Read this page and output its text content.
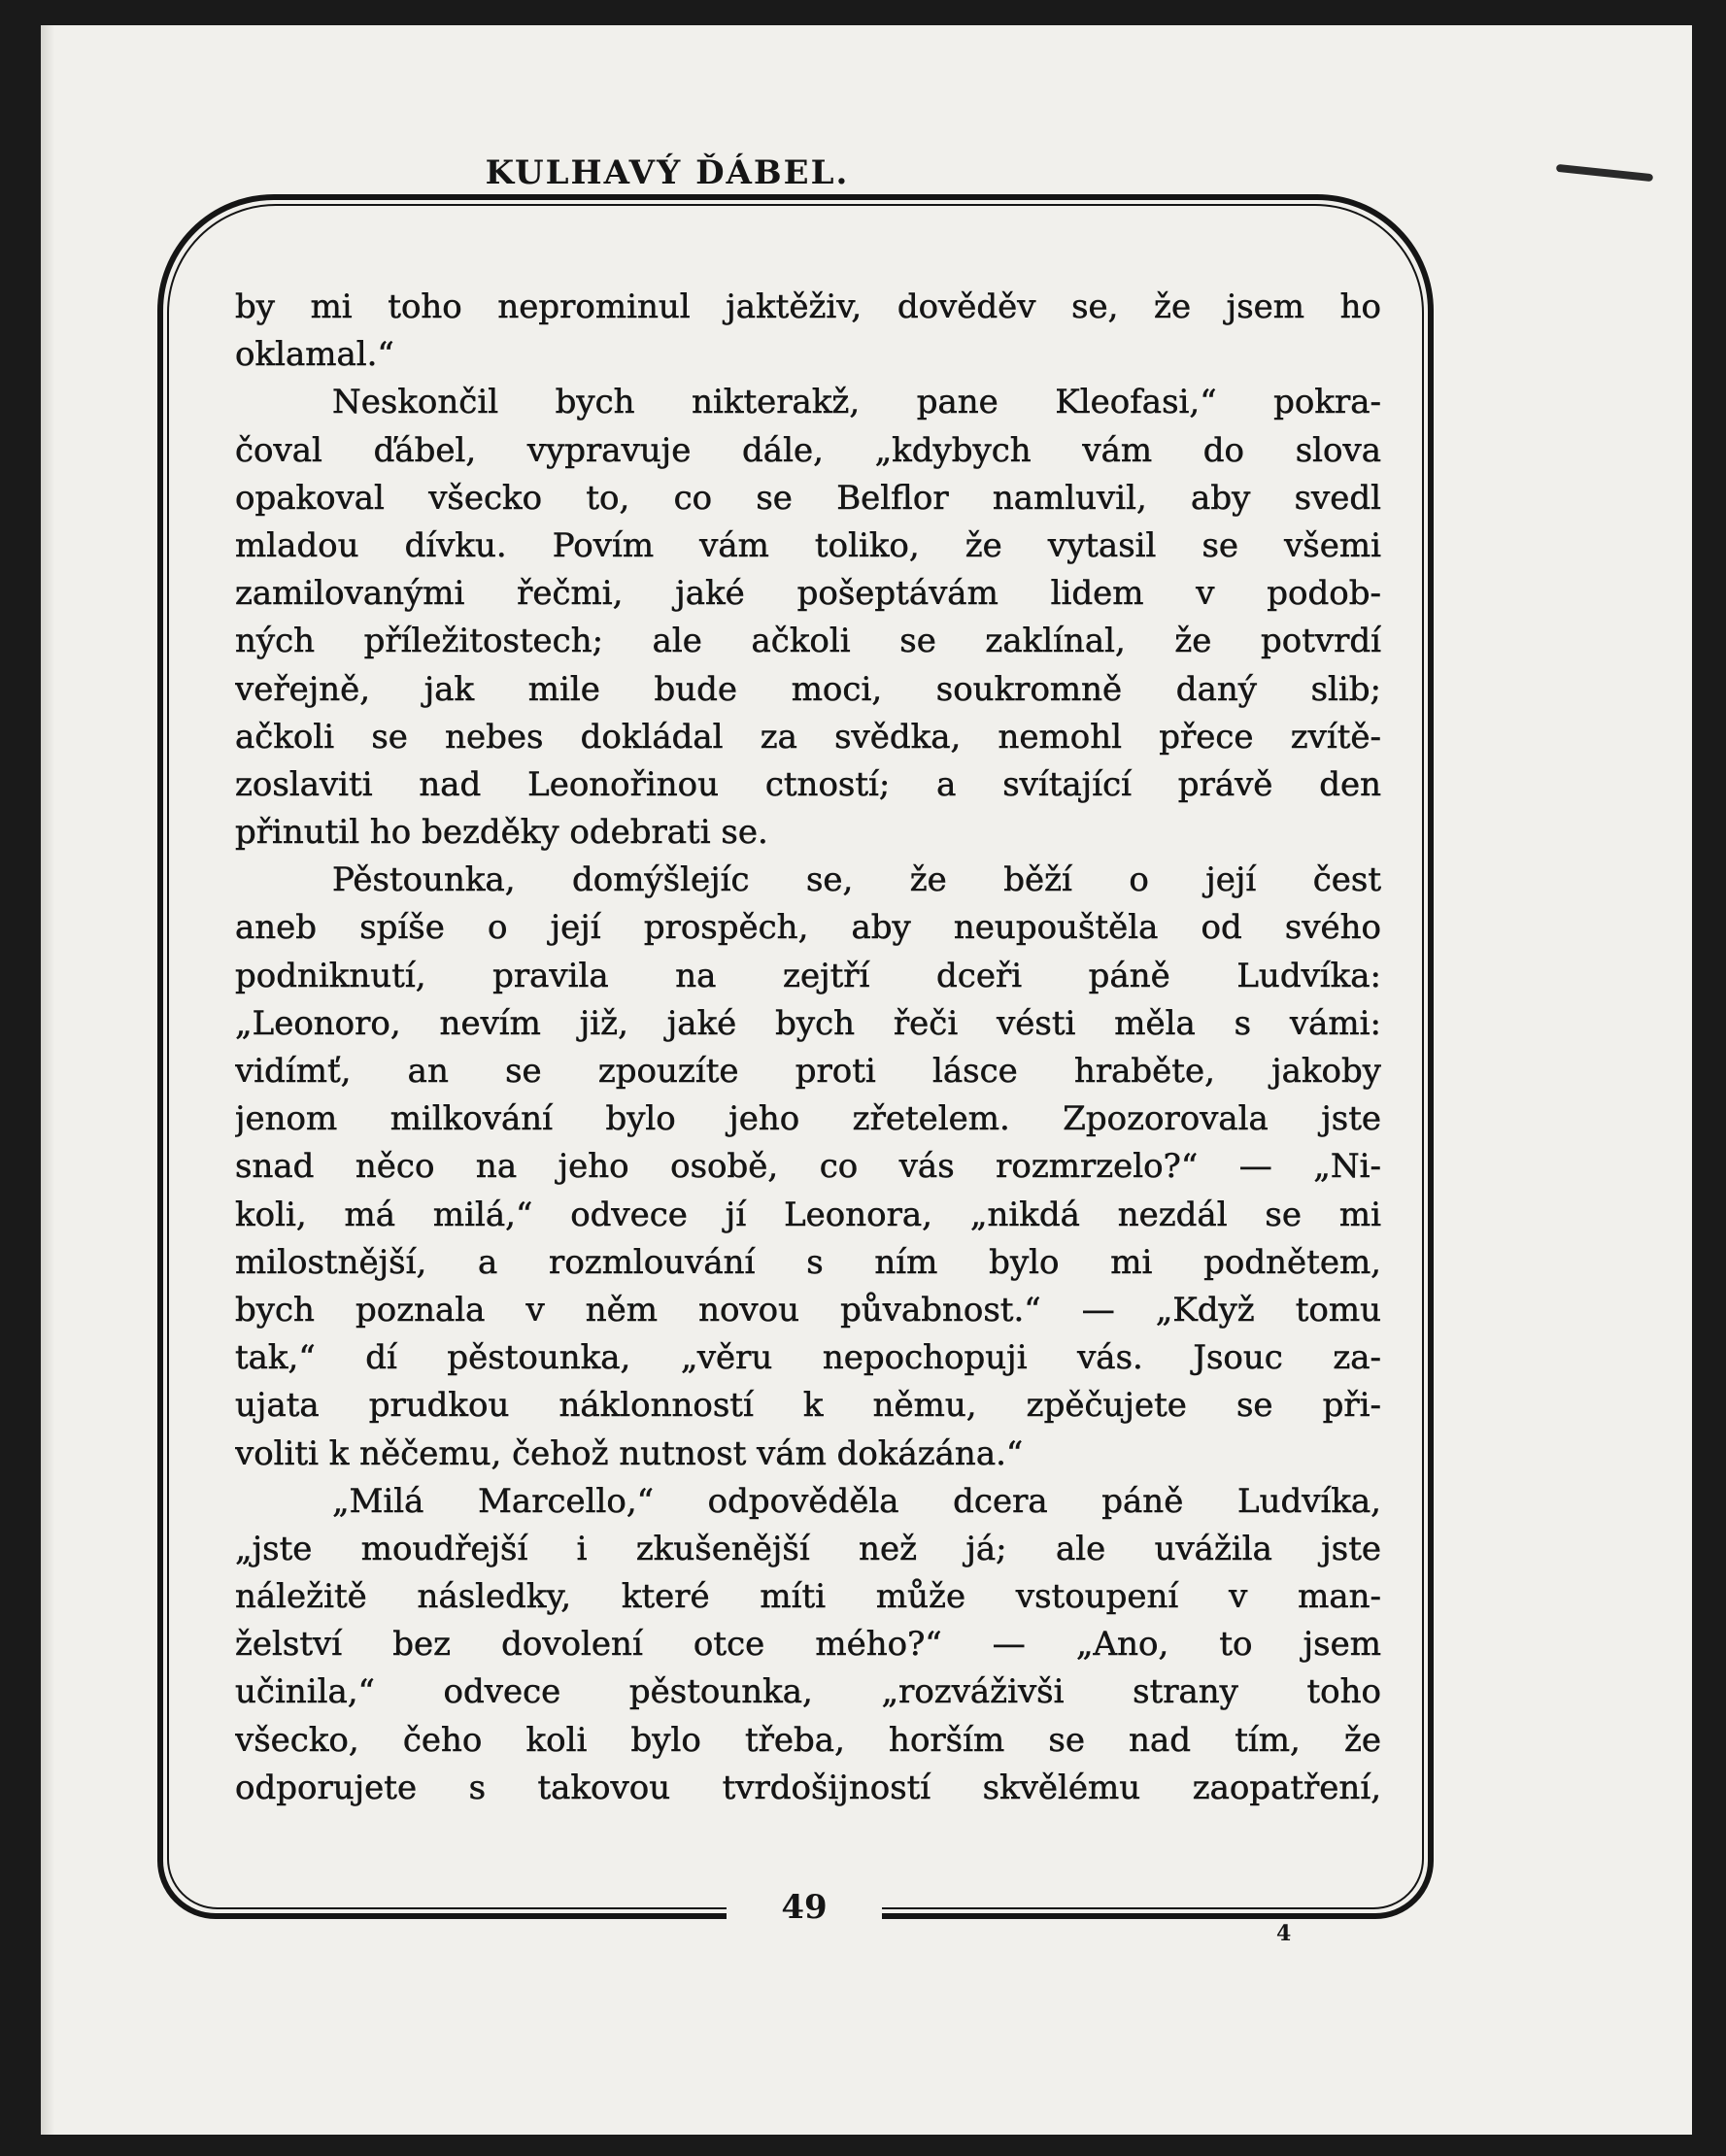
KULHAVÝ ĎÁBEL.
49
4
by mi toho neprominul jaktěživ, dověděv se, že jsem ho
oklamal.“
Neskončil bych nikterakž, pane Kleofasi,“ pokra-
čoval ďábel, vypravuje dále, „kdybych vám do slova
opakoval všecko to, co se Belflor namluvil, aby svedl
mladou dívku. Povím vám toliko, že vytasil se všemi
zamilovanými řečmi, jaké pošeptávám lidem v podob-
ných příležitostech; ale ačkoli se zaklínal, že potvrdí
veřejně, jak mile bude moci, soukromně daný slib;
ačkoli se nebes dokládal za svědka, nemohl přece zvítě-
zoslaviti nad Leonořinou ctností; a svítající právě den
přinutil ho bezděky odebrati se.
Pěstounka, domýšlejíc se, že běží o její čest
aneb spíše o její prospěch, aby neupouštěla od svého
podniknutí, pravila na zejtří dceři páně Ludvíka:
„Leonoro, nevím již, jaké bych řeči vésti měla s vámi:
vidímť, an se zpouzíte proti lásce hraběte, jakoby
jenom milkování bylo jeho zřetelem. Zpozorovala jste
snad něco na jeho osobě, co vás rozmrzelo?“ — „Ni-
koli, má milá,“ odvece jí Leonora, „nikdá nezdál se mi
milostnější, a rozmlouvání s ním bylo mi podnětem,
bych poznala v něm novou půvabnost.“ — „Když tomu
tak,“ dí pěstounka, „věru nepochopuji vás. Jsouc za-
ujata prudkou náklonností k němu, zpěčujete se při-
voliti k něčemu, čehož nutnost vám dokázána.“
„Milá Marcello,“ odpověděla dcera páně Ludvíka,
„jste moudřejší i zkušenější než já; ale uvážila jste
náležitě následky, které míti může vstoupení v man-
želství bez dovolení otce mého?“ — „Ano, to jsem
učinila,“ odvece pěstounka, „rozváživši strany toho
všecko, čeho koli bylo třeba, horším se nad tím, že
odporujete s takovou tvrdošijností skvělému zaopatření,
